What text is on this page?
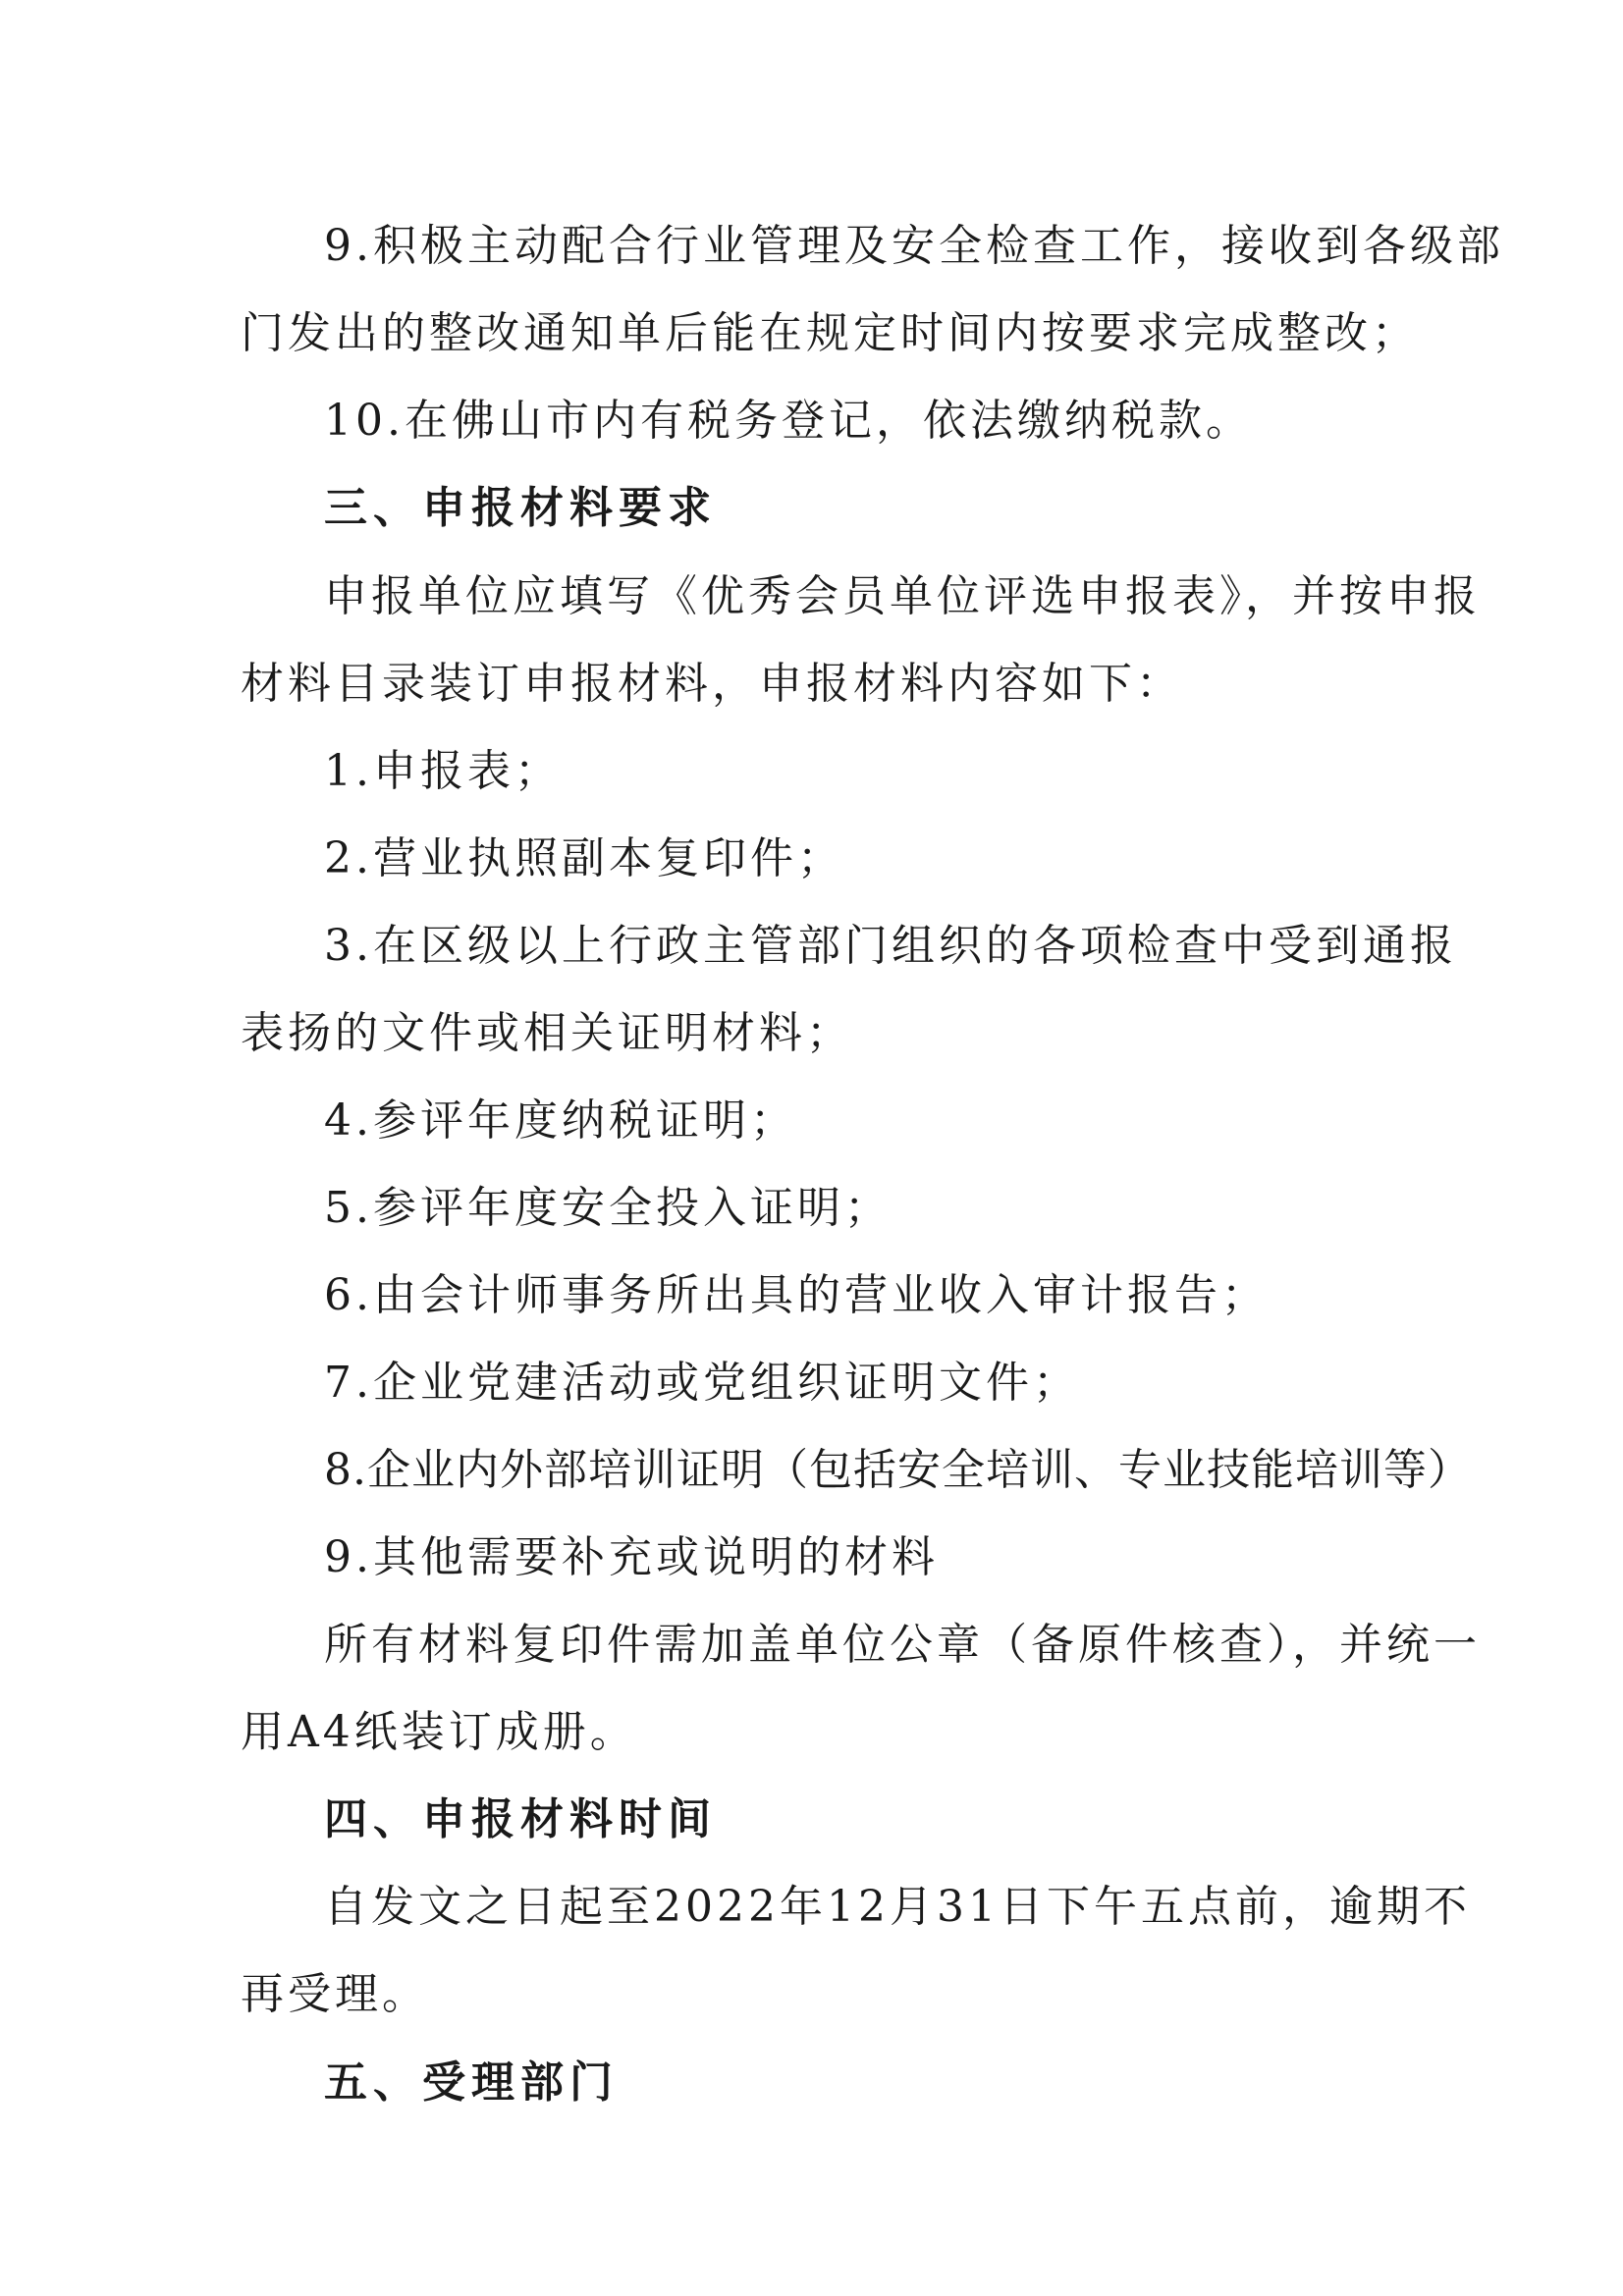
9.积极主动配合行业管理及安全检查工作，接收到各级部
门发出的整改通知单后能在规定时间内按要求完成整改；
10.在佛山市内有税务登记，依法缴纳税款。
三、申报材料要求
申报单位应填写《优秀会员单位评选申报表》，并按申报
材料目录装订申报材料，申报材料内容如下：
1.申报表；
2.营业执照副本复印件；
3.在区级以上行政主管部门组织的各项检查中受到通报
表扬的文件或相关证明材料；
4.参评年度纳税证明；
5.参评年度安全投入证明；
6.由会计师事务所出具的营业收入审计报告；
7.企业党建活动或党组织证明文件；
8.企业内外部培训证明（包括安全培训、专业技能培训等）
9.其他需要补充或说明的材料
所有材料复印件需加盖单位公章（备原件核查），并统一
用A4纸装订成册。
四、申报材料时间
自发文之日起至2022年12月31日下午五点前，逾期不
再受理。
五、受理部门
